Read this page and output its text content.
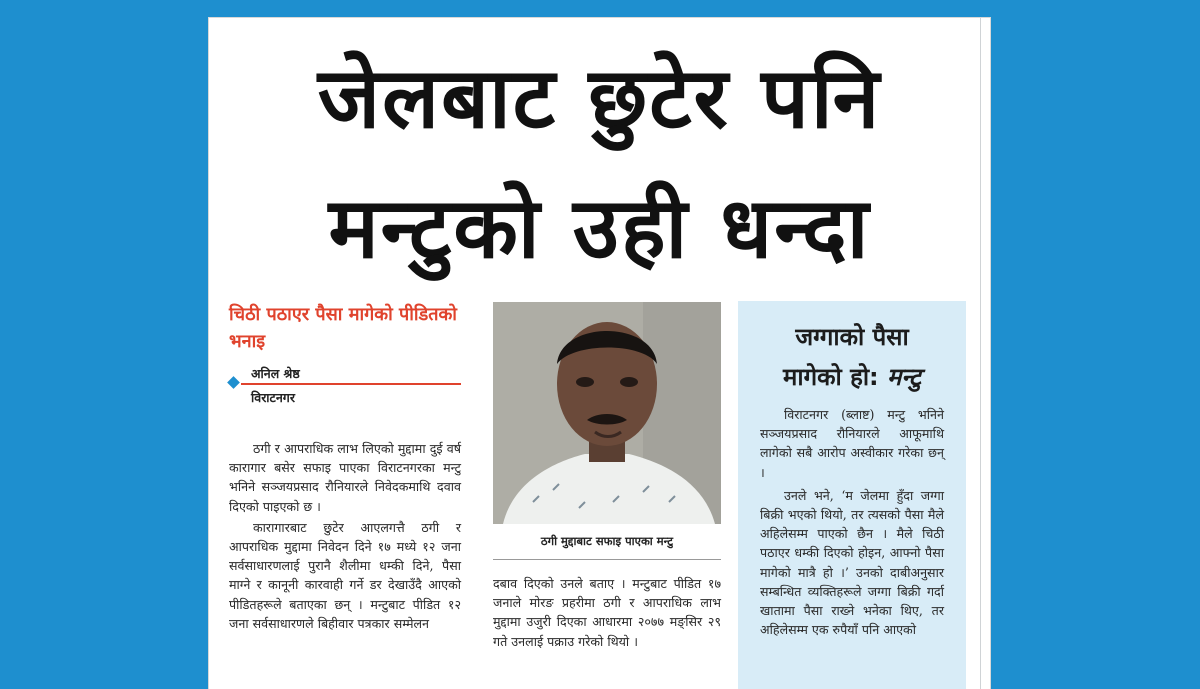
जेलबाट छुटेर पनि
मन्टुको उही धन्दा
चिठी पठाएर पैसा मागेको पीडितको भनाइ
अनिल श्रेष्ठ
विराटनगर

ठगी र आपराधिक लाभ लिएको मुद्दामा दुई वर्ष कारागार बसेर सफाइ पाएका विराटनगरका मन्टु भनिने सञ्जयप्रसाद रौनियारले निवेदकमाथि दवाव दिएको पाइएको छ ।

कारागारबाट छुटेर आएलगत्तै ठगी र आपराधिक मुद्दामा निवेदन दिने १७ मध्ये १२ जना सर्वसाधारणलाई पुरानै शैलीमा धम्की दिने, पैसा माग्ने र कानूनी कारवाही गर्ने डर देखाउँदै आएको पीडितहरूले बताएका छन् । मन्टुबाट पीडित १२ जना सर्वसाधारणले बिहीवार पत्रकार सम्मेलन

ठगी मुद्दाबाट सफाइ पाएका मन्टु

दबाव दिएको उनले बताए । मन्टुबाट पीडित १७ जनाले मोरङ प्रहरीमा ठगी र आपराधिक लाभ मुद्दामा उजुरी दिएका आधारमा २०७७ मङ्सिर २९ गते उनलाई पक्राउ गरेको थियो ।

जग्गाको पैसा
मागेको हो: मन्टु

विराटनगर (ब्लाष्ट) मन्टु भनिने सञ्जयप्रसाद रौनियारले आफूमाथि लागेको सबै आरोप अस्वीकार गरेका छन् ।

उनले भने, ‘म जेलमा हुँदा जग्गा बिक्री भएको थियो, तर त्यसको पैसा मैले अहिलेसम्म पाएको छैन । मैले चिठी पठाएर धम्की दिएको होइन, आफ्नो पैसा मागेको मात्रै हो ।’ उनको दाबीअनुसार सम्बन्धित व्यक्तिहरूले जग्गा बिक्री गर्दा खातामा पैसा राख्ने भनेका थिए, तर अहिलेसम्म एक रुपैयाँ पनि आएको
